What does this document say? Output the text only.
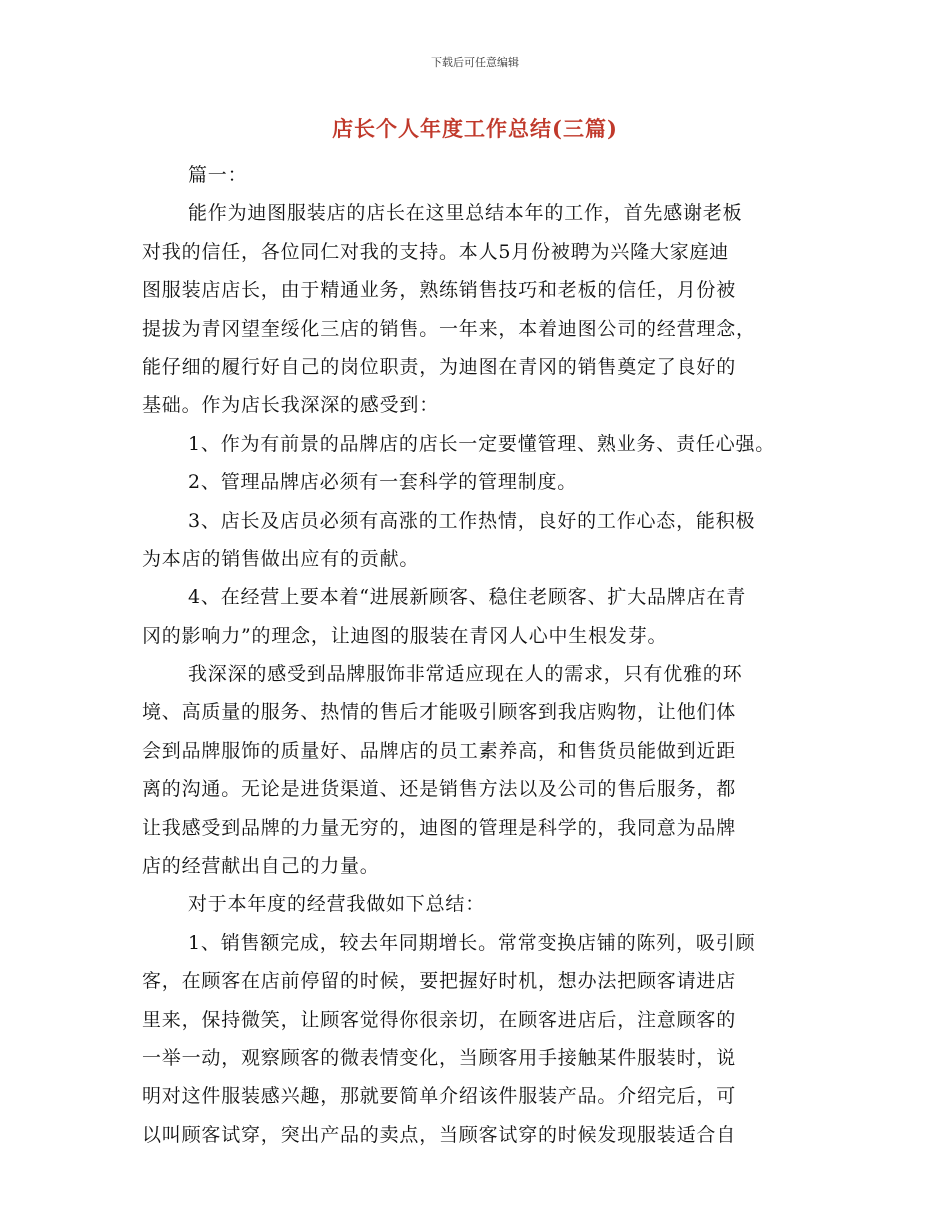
下载后可任意编辑
店长个人年度工作总结(三篇)
篇一：
能作为迪图服装店的店长在这里总结本年的工作，首先感谢老板
对我的信任，各位同仁对我的支持。本人5月份被聘为兴隆大家庭迪
图服装店店长，由于精通业务，熟练销售技巧和老板的信任，月份被
提拔为青冈望奎绥化三店的销售。一年来，本着迪图公司的经营理念，
能仔细的履行好自己的岗位职责，为迪图在青冈的销售奠定了良好的
基础。作为店长我深深的感受到：
1、作为有前景的品牌店的店长一定要懂管理、熟业务、责任心强。
2、管理品牌店必须有一套科学的管理制度。
3、店长及店员必须有高涨的工作热情，良好的工作心态，能积极
为本店的销售做出应有的贡献。
4、在经营上要本着“进展新顾客、稳住老顾客、扩大品牌店在青
冈的影响力”的理念，让迪图的服装在青冈人心中生根发芽。
我深深的感受到品牌服饰非常适应现在人的需求，只有优雅的环
境、高质量的服务、热情的售后才能吸引顾客到我店购物，让他们体
会到品牌服饰的质量好、品牌店的员工素养高，和售货员能做到近距
离的沟通。无论是进货渠道、还是销售方法以及公司的售后服务，都
让我感受到品牌的力量无穷的，迪图的管理是科学的，我同意为品牌
店的经营献出自己的力量。
对于本年度的经营我做如下总结：
1、销售额完成，较去年同期增长。常常变换店铺的陈列，吸引顾
客，在顾客在店前停留的时候，要把握好时机，想办法把顾客请进店
里来，保持微笑，让顾客觉得你很亲切，在顾客进店后，注意顾客的
一举一动，观察顾客的微表情变化，当顾客用手接触某件服装时，说
明对这件服装感兴趣，那就要简单介绍该件服装产品。介绍完后，可
以叫顾客试穿，突出产品的卖点，当顾客试穿的时候发现服装适合自
